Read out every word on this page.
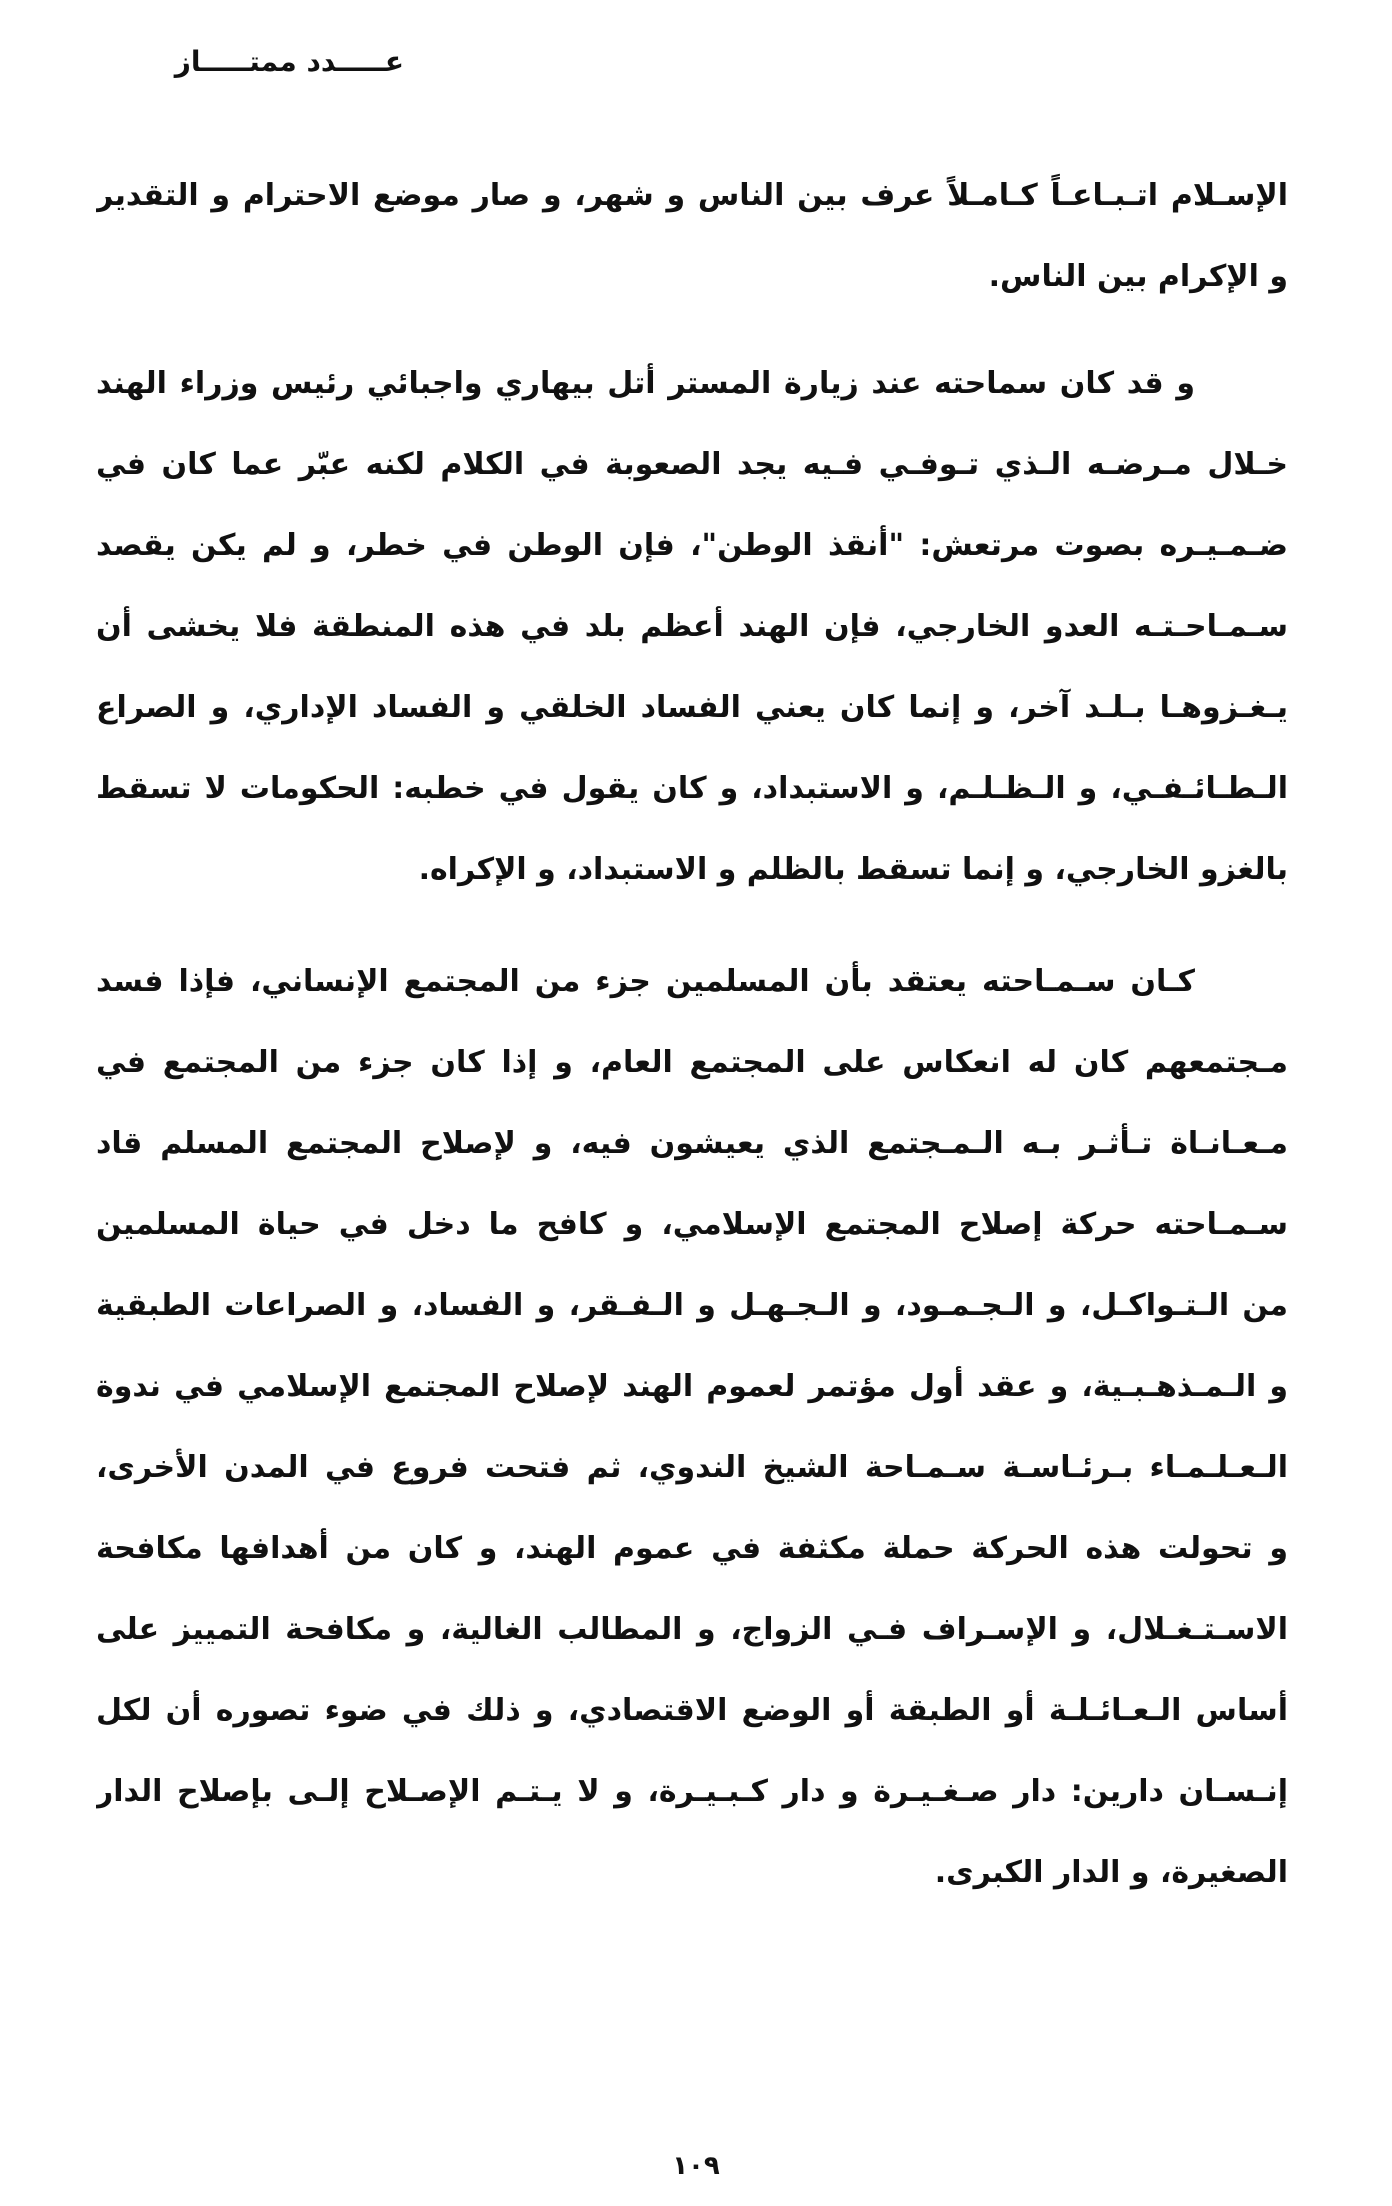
عـــــدد ممتـــــاز
الإسـلام اتـبـاعـاً كـامـلاً عرف بين الناس و شهر، و صار موضع الاحترام و التقدير
و الإكرام بين الناس.
و قد كان سماحته عند زيارة المستر أتل بيهاري واجبائي رئيس وزراء الهند
خـلال مـرضـه الـذي تـوفـي فـيه يجد الصعوبة في الكلام لكنه عبّر عما كان في
ضـمـيـره بصوت مرتعش: "أنقذ الوطن"، فإن الوطن في خطر، و لم يكن يقصد
سـمـاحـتـه العدو الخارجي، فإن الهند أعظم بلد في هذه المنطقة فلا يخشى أن
يـغـزوهـا بـلـد آخر، و إنما كان يعني الفساد الخلقي و الفساد الإداري، و الصراع
الـطـائـفـي، و الـظـلـم، و الاستبداد، و كان يقول في خطبه: الحكومات لا تسقط
بالغزو الخارجي، و إنما تسقط بالظلم و الاستبداد، و الإكراه.
كـان سـمـاحته يعتقد بأن المسلمين جزء من المجتمع الإنساني، فإذا فسد
مـجتمعهم كان له انعكاس على المجتمع العام، و إذا كان جزء من المجتمع في
مـعـانـاة تـأثـر بـه الـمـجتمع الذي يعيشون فيه، و لإصلاح المجتمع المسلم قاد
سـمـاحته حركة إصلاح المجتمع الإسلامي، و كافح ما دخل في حياة المسلمين
من الـتـواكـل، و الـجـمـود، و الـجـهـل و الـفـقر، و الفساد، و الصراعات الطبقية
و الـمـذهـبـية، و عقد أول مؤتمر لعموم الهند لإصلاح المجتمع الإسلامي في ندوة
الـعـلـمـاء بـرئـاسـة سـمـاحة الشيخ الندوي، ثم فتحت فروع في المدن الأخرى،
و تحولت هذه الحركة حملة مكثفة في عموم الهند، و كان من أهدافها مكافحة
الاسـتـغـلال، و الإسـراف فـي الزواج، و المطالب الغالية، و مكافحة التمييز على
أساس الـعـائـلـة أو الطبقة أو الوضع الاقتصادي، و ذلك في ضوء تصوره أن لكل
إنـسـان دارين: دار صـغـيـرة و دار كـبـيـرة، و لا يـتـم الإصـلاح إلـى بإصلاح الدار
الصغيرة، و الدار الكبرى.
١٠٩
